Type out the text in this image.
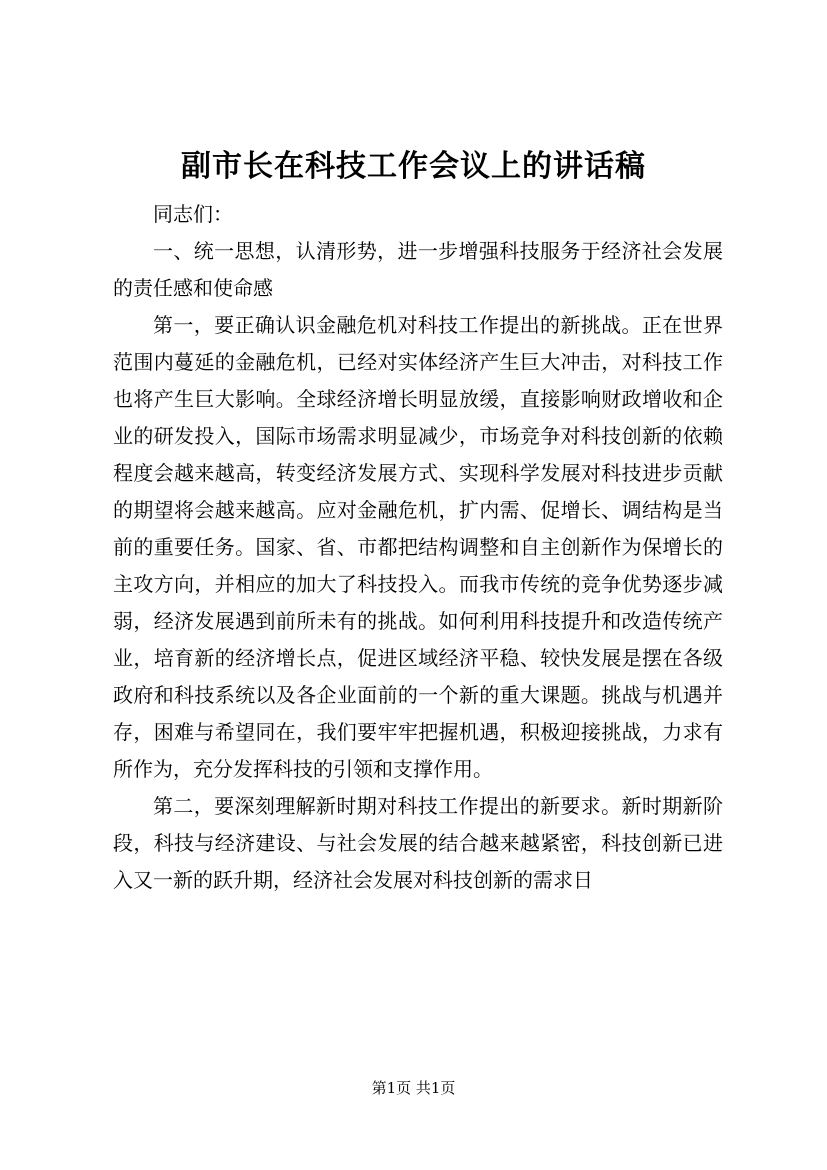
副市长在科技工作会议上的讲话稿

同志们：

一、统一思想，认清形势，进一步增强科技服务于经济社会发展的责任感和使命感

第一，要正确认识金融危机对科技工作提出的新挑战。正在世界范围内蔓延的金融危机，已经对实体经济产生巨大冲击，对科技工作也将产生巨大影响。全球经济增长明显放缓，直接影响财政增收和企业的研发投入，国际市场需求明显减少，市场竞争对科技创新的依赖程度会越来越高，转变经济发展方式、实现科学发展对科技进步贡献的期望将会越来越高。应对金融危机，扩内需、促增长、调结构是当前的重要任务。国家、省、市都把结构调整和自主创新作为保增长的主攻方向，并相应的加大了科技投入。而我市传统的竞争优势逐步减弱，经济发展遇到前所未有的挑战。如何利用科技提升和改造传统产业，培育新的经济增长点，促进区域经济平稳、较快发展是摆在各级政府和科技系统以及各企业面前的一个新的重大课题。挑战与机遇并存，困难与希望同在，我们要牢牢把握机遇，积极迎接挑战，力求有所作为，充分发挥科技的引领和支撑作用。

第二，要深刻理解新时期对科技工作提出的新要求。新时期新阶段，科技与经济建设、与社会发展的结合越来越紧密，科技创新已进入又一新的跃升期，经济社会发展对科技创新的需求日

第1页 共1页
